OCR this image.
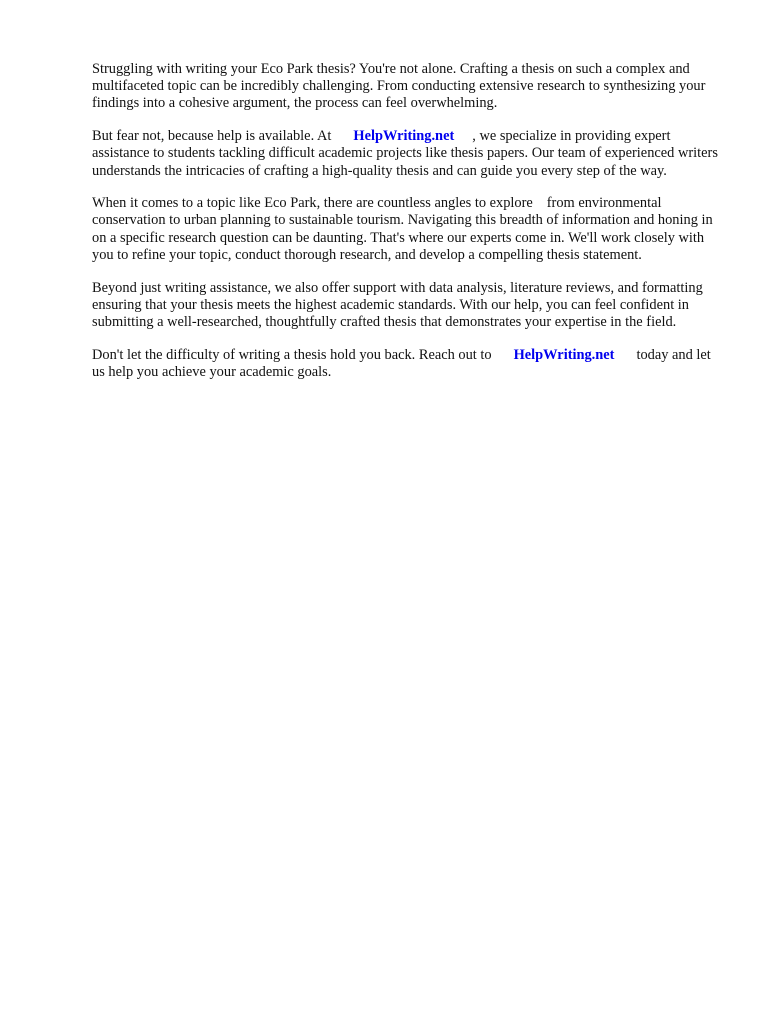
Struggling with writing your Eco Park thesis? You're not alone. Crafting a thesis on such a complex and multifaceted topic can be incredibly challenging. From conducting extensive research to synthesizing your findings into a cohesive argument, the process can feel overwhelming.

But fear not, because help is available. At HelpWriting.net , we specialize in providing expert assistance to students tackling difficult academic projects like thesis papers. Our team of experienced writers understands the intricacies of crafting a high-quality thesis and can guide you every step of the way.

When it comes to a topic like Eco Park, there are countless angles to explore from environmental conservation to urban planning to sustainable tourism. Navigating this breadth of information and honing in on a specific research question can be daunting. That's where our experts come in. We'll work closely with you to refine your topic, conduct thorough research, and develop a compelling thesis statement.

Beyond just writing assistance, we also offer support with data analysis, literature reviews, and formattingensuring that your thesis meets the highest academic standards. With our help, you can feel confident in submitting a well-researched, thoughtfully crafted thesis that demonstrates your expertise in the field.

Don't let the difficulty of writing a thesis hold you back. Reach out to HelpWriting.net today and let us help you achieve your academic goals.
